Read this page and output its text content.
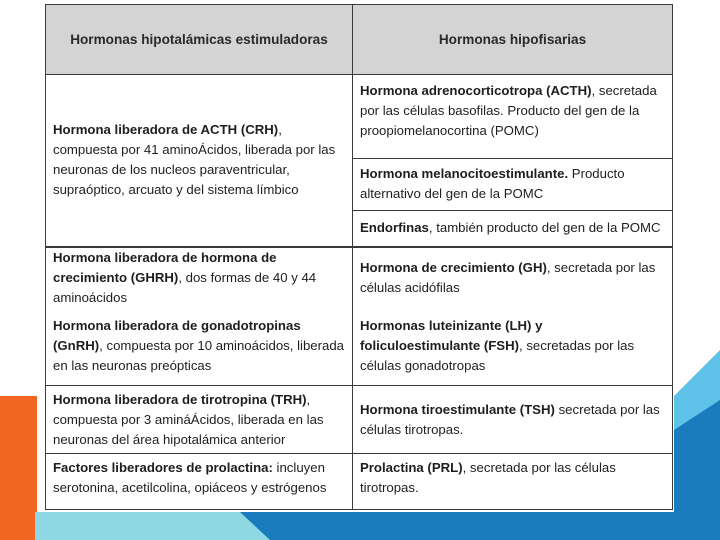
Hormonas hipotalámicas estimuladoras	Hormonas hipofisarias
Hormona liberadora de ACTH (CRH), compuesta por 41 aminoÁcidos, liberada por las neuronas de los nucleos paraventricular, supraóptico, arcuato y del sistema límbico	Hormona adrenocorticotropa (ACTH), secretada por las células basofilas. Producto del gen de la proopiomelanocortina (POMC)
	Hormona melanocitoestimulante. Producto alternativo del gen de la POMC
	Endorfinas, también producto del gen de la POMC
Hormona liberadora de hormona de crecimiento (GHRH), dos formas de 40 y 44 aminoácidos	Hormona de crecimiento (GH), secretada por las células acidófilas
Hormona liberadora de gonadotropinas (GnRH), compuesta por 10 aminoácidos, liberada en las neuronas preópticas	Hormonas luteinizante (LH) y foliculoestimulante (FSH), secretadas por las células gonadotropas
Hormona liberadora de tirotropina (TRH), compuesta por 3 amináÁcidos, liberada en las neuronas del área hipotalámica anterior	Hormona tiroestimulante (TSH) secretada por las células tirotropas.
Factores liberadores de prolactina: incluyen serotonina, acetilcolina, opiáceos y estrógenos	Prolactina (PRL), secretada por las células tirotropas.
